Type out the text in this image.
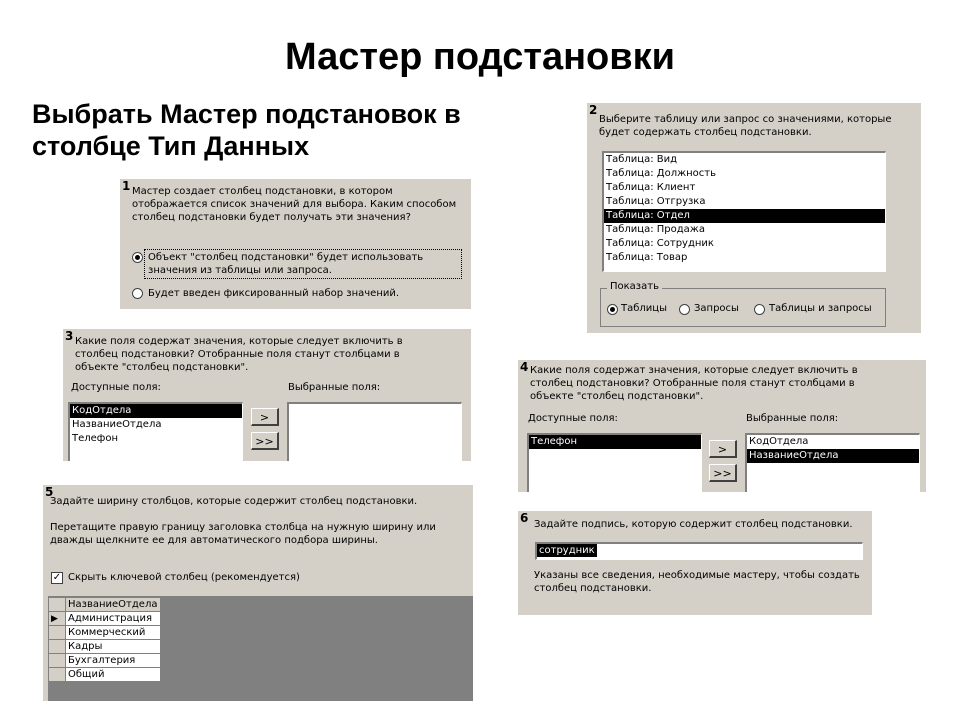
Мастер подстановки
Выбрать Мастер подстановок в столбце Тип Данных
1 Мастер создает столбец подстановки, в котором отображается список значений для выбора. Каким способом столбец подстановки будет получать эти значения?
Объект "столбец подстановки" будет использовать значения из таблицы или запроса.
Будет введен фиксированный набор значений.
2
Выберите таблицу или запрос со значениями, которые будет содержать столбец подстановки.
Таблица: Вид
Таблица: Должность
Таблица: Клиент
Таблица: Отгрузка
Таблица: Отдел
Таблица: Продажа
Таблица: Сотрудник
Таблица: Товар
Показать
Таблицы	Запросы	Таблицы и запросы
3 Какие поля содержат значения, которые следует включить в столбец подстановки? Отобранные поля станут столбцами в объекте "столбец подстановки".
Доступные поля:	Выбранные поля:
КодОтдела
НазваниеОтдела
Телефон
>
>>
4 Какие поля содержат значения, которые следует включить в столбец подстановки? Отобранные поля станут столбцами в объекте "столбец подстановки".
Доступные поля:	Выбранные поля:
Телефон
>
>>
КодОтдела
НазваниеОтдела
5
Задайте ширину столбцов, которые содержит столбец подстановки.
Перетащите правую границу заголовка столбца на нужную ширину или дважды щелкните ее для автоматического подбора ширины.
✓ Скрыть ключевой столбец (рекомендуется)
	НазваниеОтдела
▶	Администрация
	Коммерческий
	Кадры
	Бухгалтерия
	Общий
6 Задайте подпись, которую содержит столбец подстановки.
сотрудник
Указаны все сведения, необходимые мастеру, чтобы создать столбец подстановки.
